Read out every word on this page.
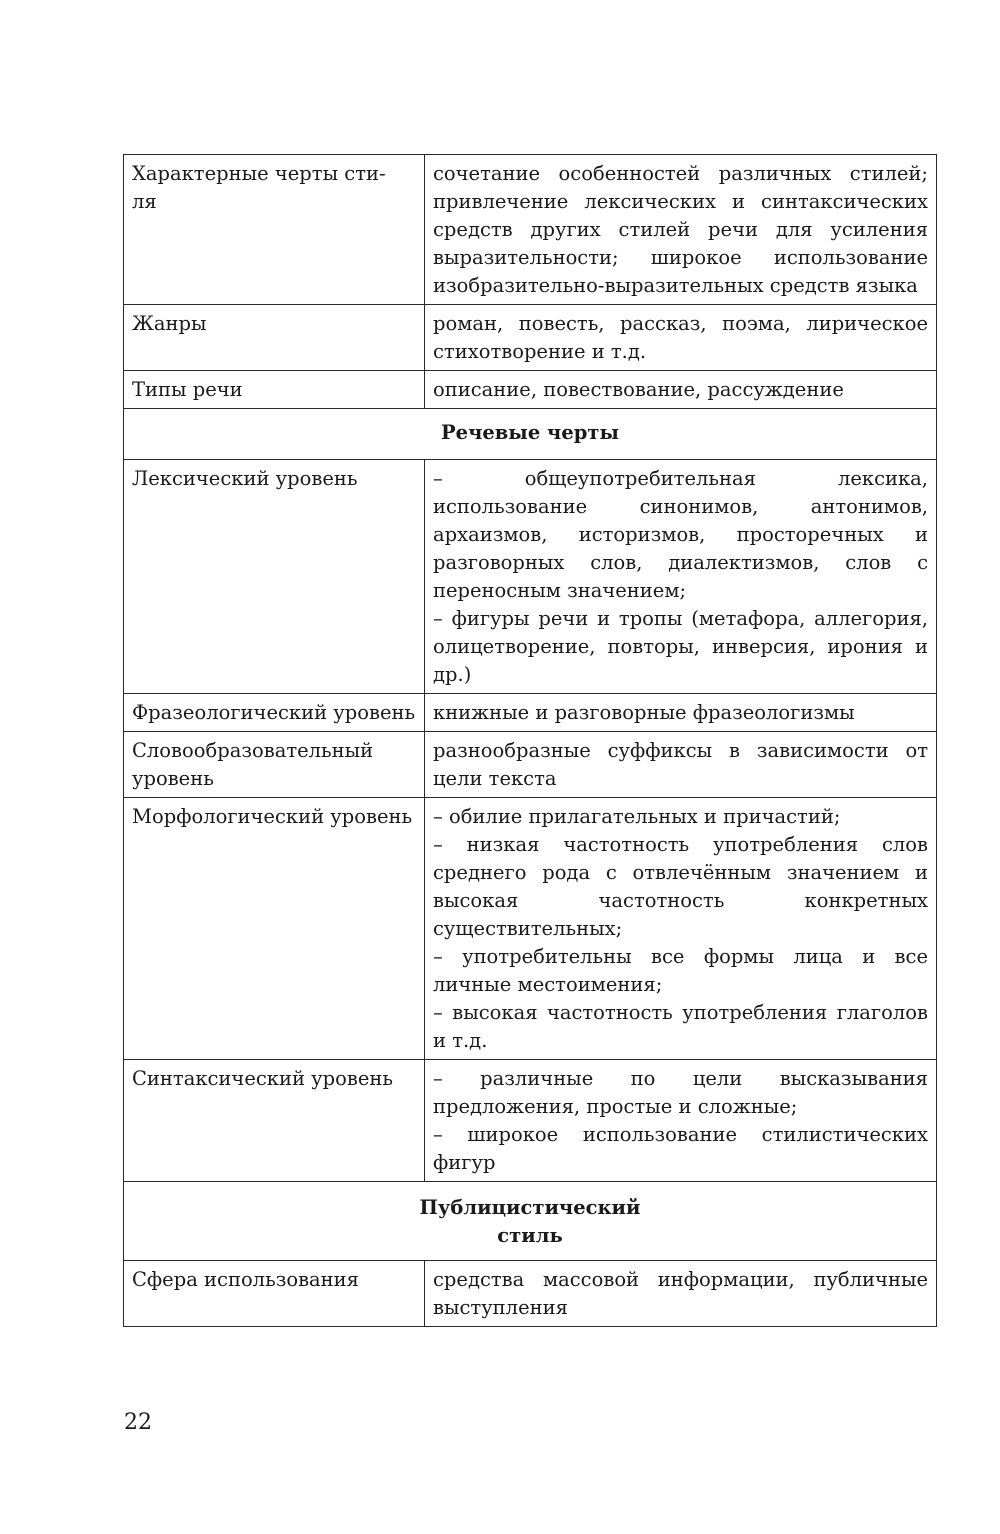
Характерные черты сти-
ля	сочетание особенностей различных стилей; привлечение лексических и синтаксических средств других стилей речи для усиления выразительности; широкое использование изобразительно-выразительных средств языка
Жанры	роман, повесть, рассказ, поэма, лирическое стихотворение и т.д.
Типы речи	описание, повествование, рассуждение
Речевые черты	
Лексический уровень	– общеупотребительная лексика, использование синонимов, антонимов, архаизмов, историзмов, просторечных и разговорных слов, диалектизмов, слов с переносным значением;
– фигуры речи и тропы (метафора, аллегория, олицетворение, повторы, инверсия, ирония и др.)

Фразеологический уровень	книжные и разговорные фразеологизмы

Словообразовательный уровень	разнообразные суффиксы в зависимости от цели текста

Морфологический уровень	– обилие прилагательных и причастий;
– низкая частотность употребления слов среднего рода с отвлечённым значением и высокая частотность конкретных существительных;
– употребительны все формы лица и все личные местоимения;
– высокая частотность употребления глаголов и т.д.

Синтаксический уровень	– различные по цели высказывания предложения, простые и сложные;
– широкое использование стилистических фигур

Публицистический
стиль	

Сфера использования	средства массовой информации, публичные выступления
22
